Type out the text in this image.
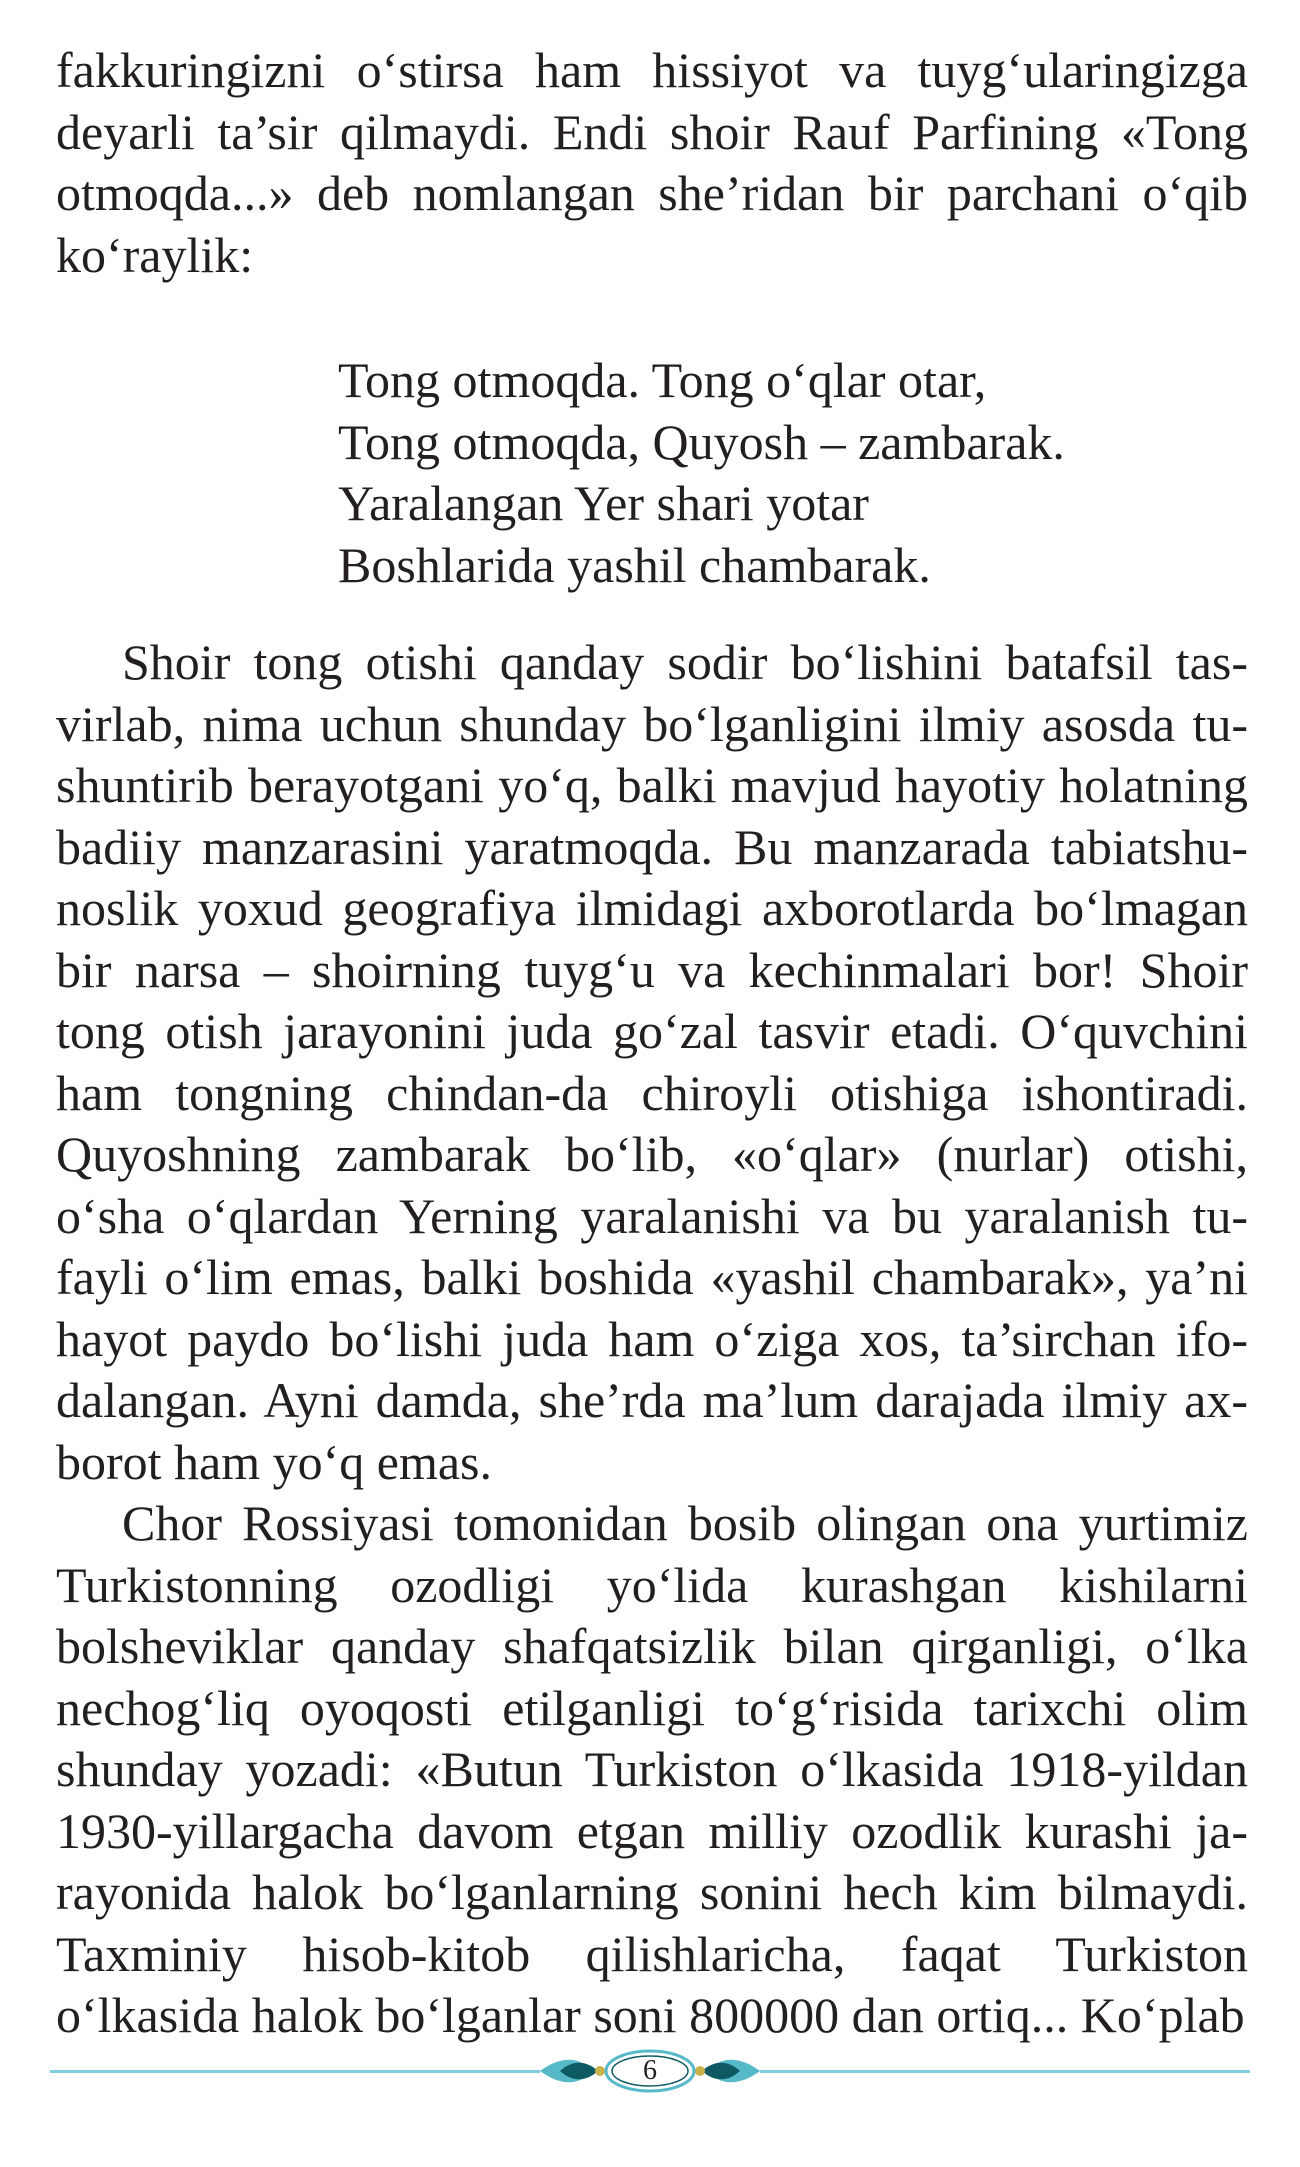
fakkuringizni o‘stirsa ham hissiyot va tuyg‘ularingizga deyarli ta’sir qilmaydi. Endi shoir Rauf Parfining «Tong otmoqda...» deb nomlangan she’ridan bir parchani o‘qib ko‘raylik:

Tong otmoqda. Tong o‘qlar otar,
Tong otmoqda, Quyosh – zambarak.
Yaralangan Yer shari yotar
Boshlarida yashil chambarak.

Shoir tong otishi qanday sodir bo‘lishini batafsil tasvirlab, nima uchun shunday bo‘lganligini ilmiy asosda tushuntirib berayotgani yo‘q, balki mavjud hayotiy holatning badiiy manzarasini yaratmoqda. Bu manzarada tabiatshunoslik yoxud geografiya ilmidagi axborotlarda bo‘lmagan bir narsa – shoirning tuyg‘u va kechinmalari bor! Shoir tong otish jarayonini juda go‘zal tasvir etadi. O‘quvchini ham tongning chindan-da chiroyli otishiga ishontiradi. Quyoshning zambarak bo‘lib, «o‘qlar» (nurlar) otishi, o‘sha o‘qlardan Yerning yaralanishi va bu yaralanish tufayli o‘lim emas, balki boshida «yashil chambarak», ya’ni hayot paydo bo‘lishi juda ham o‘ziga xos, ta’sirchan ifodalangan. Ayni damda, she’rda ma’lum darajada ilmiy axborot ham yo‘q emas.

Chor Rossiyasi tomonidan bosib olingan ona yurtimiz Turkistonning ozodligi yo‘lida kurashgan kishilarni bolsheviklar qanday shafqatsizlik bilan qirganligi, o‘lka nechog‘liq oyoqosti etilganligi to‘g‘risida tarixchi olim shunday yozadi: «Butun Turkiston o‘lkasida 1918-yildan 1930-yillargacha davom etgan milliy ozodlik kurashi jarayonida halok bo‘lganlarning sonini hech kim bilmaydi. Taxminiy hisob-kitob qilishlaricha, faqat Turkiston o‘lkasida halok bo‘lganlar soni 800000 dan ortiq... Ko‘plab

6
